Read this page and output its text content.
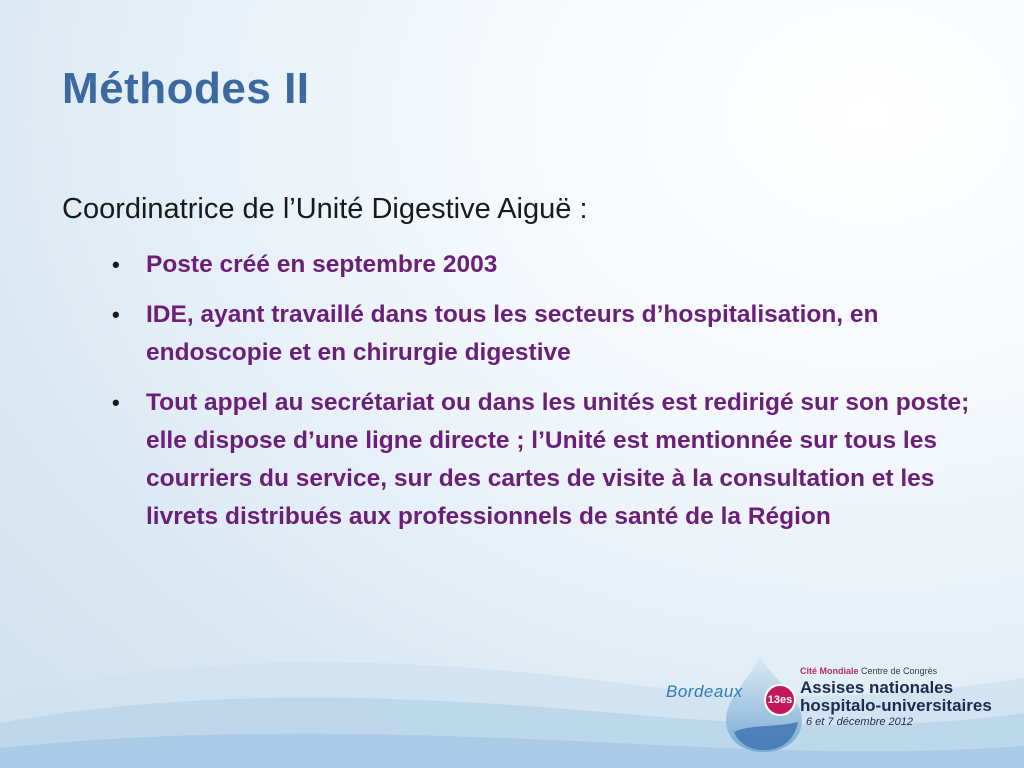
Méthodes II
Coordinatrice de l’Unité Digestive Aiguë :
• Poste créé en septembre 2003
• IDE, ayant travaillé dans tous les secteurs d’hospitalisation, en endoscopie et en chirurgie digestive
• Tout appel au secrétariat ou dans les unités est redirigé sur son poste; elle dispose d’une ligne directe ; l’Unité est mentionnée sur tous les courriers du service, sur des cartes de visite à la consultation et les livrets distribués aux professionnels de santé de la Région
Bordeaux	13es
Cité Mondiale Centre de Congrès
Assises nationales
hospitalo-universitaires
6 et 7 décembre 2012
